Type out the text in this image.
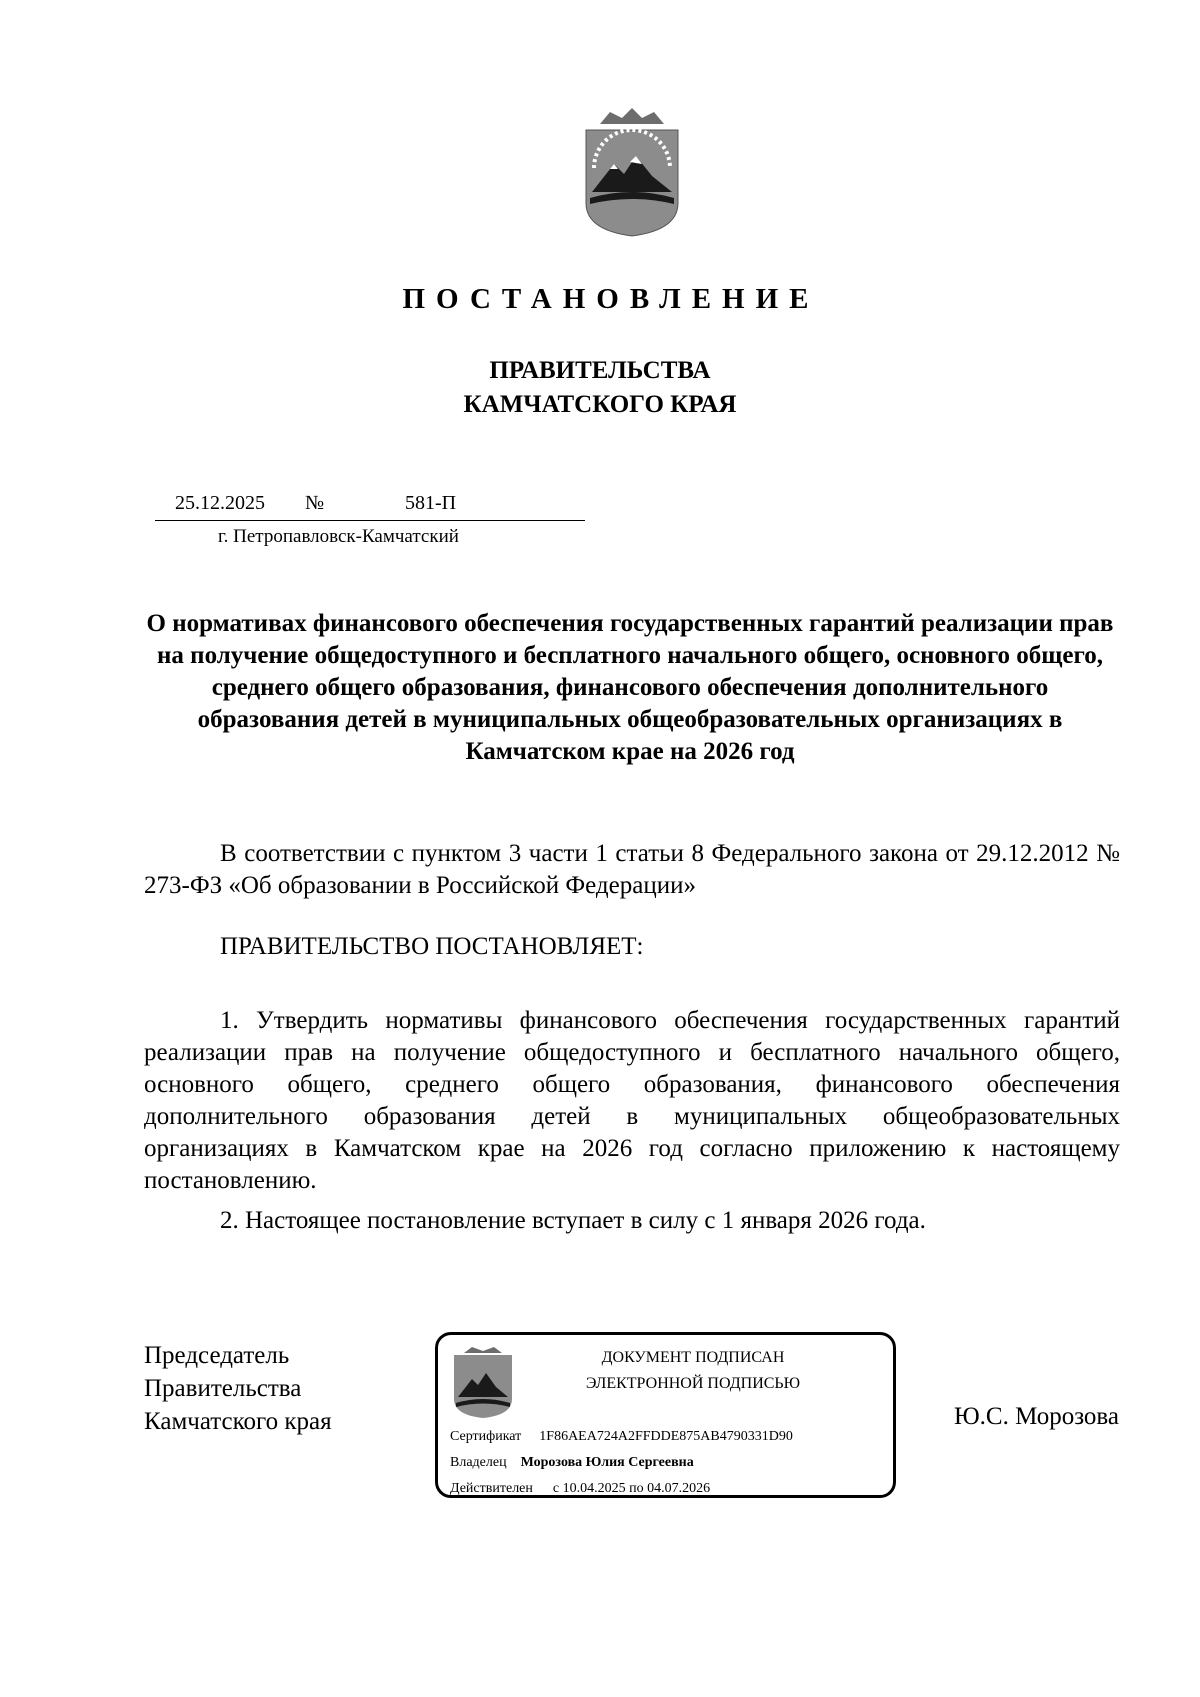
ПОСТАНОВЛЕНИЕ
ПРАВИТЕЛЬСТВА
КАМЧАТСКОГО КРАЯ
25.12.2025 №	581-П
г. Петропавловск-Камчатский
О нормативах финансового обеспечения государственных гарантий реализации прав на получение общедоступного и бесплатного начального общего, основного общего, среднего общего образования, финансового обеспечения дополнительного образования детей в муниципальных общеобразовательных организациях в Камчатском крае на 2026 год
В соответствии с пунктом 3 части 1 статьи 8 Федерального закона от 29.12.2012 № 273-ФЗ «Об образовании в Российской Федерации»
ПРАВИТЕЛЬСТВО ПОСТАНОВЛЯЕТ:
1. Утвердить нормативы финансового обеспечения государственных гарантий реализации прав на получение общедоступного и бесплатного начального общего, основного общего, среднего общего образования, финансового обеспечения дополнительного образования детей в муниципальных общеобразовательных организациях в Камчатском крае на 2026 год согласно приложению к настоящему постановлению.
2. Настоящее постановление вступает в силу с 1 января 2026 года.
Председатель
Правительства
Камчатского края
ДОКУМЕНТ ПОДПИСАН
ЭЛЕКТРОННОЙ ПОДПИСЬЮ
Сертификат 1F86AEA724A2FFDDE875AB4790331D90
Владелец Морозова Юлия Сергеевна
Действителен с 10.04.2025 по 04.07.2026
Ю.С. Морозова
